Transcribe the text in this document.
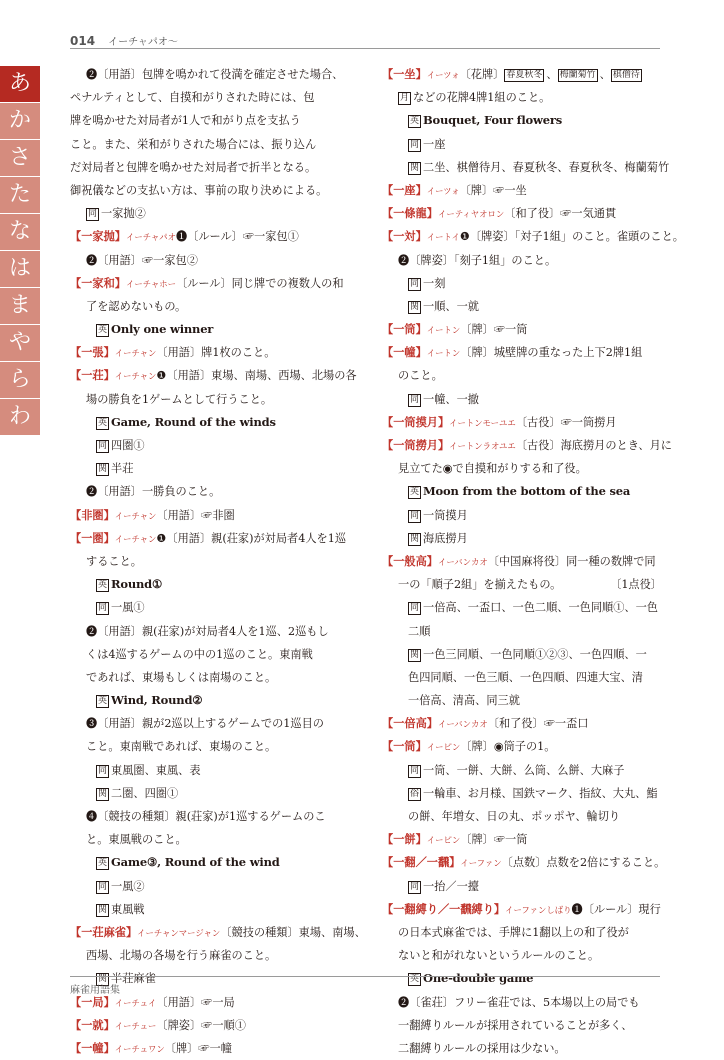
014 イーチャパオ〜
あ
か
さ
た
な
は
ま
や
ら
わ
❷〔用語〕包牌を鳴かれて役満を確定させた場合、
ペナルティとして、自摸和がりされた時には、包
牌を鳴かせた対局者が1人で和がり点を支払う
こと。また、栄和がりされた場合には、振り込ん
だ対局者と包牌を鳴かせた対局者で折半となる。
御祝儀などの支払い方は、事前の取り決めによる。
同 一家抛②
【一家抛】イーチャパオ❶〔ルール〕☞一家包①
❷〔用語〕☞一家包②
【一家和】イーチャホー〔ルール〕同じ牌での複数人の和
了を認めないもの。
英 Only one winner
【一張】イーチャン〔用語〕牌1枚のこと。
【一荘】イーチャン❶〔用語〕東場、南場、西場、北場の各
場の勝負を1ゲームとして行うこと。
英 Game, Round of the winds
同 四圏①
関 半荘
❷〔用語〕一勝負のこと。
【非圏】イーチャン〔用語〕☞非圏
【一圏】イーチャン❶〔用語〕親(荘家)が対局者4人を1巡
すること。
英 Round①
同 一風①
❷〔用語〕親(荘家)が対局者4人を1巡、2巡もし
くは4巡するゲームの中の1巡のこと。東南戦
であれば、東場もしくは南場のこと。
英 Wind, Round②
❸〔用語〕親が2巡以上するゲームでの1巡目の
こと。東南戦であれば、東場のこと。
同 東風圏、東風、表
関 二圏、四圏①
❹〔競技の種類〕親(荘家)が1巡するゲームのこ
と。東風戦のこと。
英 Game③, Round of the wind
同 一風②
関 東風戦
【一荘麻雀】イーチャンマージャン〔競技の種類〕東場、南場、
西場、北場の各場を行う麻雀のこと。
関 半荘麻雀
【一局】イーチュイ〔用語〕☞一局
【一就】イーチュー〔牌姿〕☞一順①
【一幢】イーチュワン〔牌〕☞一幢
【一坐】イーツォ〔花牌〕 春夏秋冬 、 梅蘭菊竹 、 棋僧待
月 などの花牌4牌1組のこと。
英 Bouquet, Four flowers
同 一座
関 二坐、棋僧待月、春夏秋冬、春夏秋冬、梅蘭菊竹
【一座】イーツォ〔牌〕☞一坐
【一條龍】イーティヤオロン〔和了役〕☞一気通貫
【一対】イートイ❶〔牌姿〕「対子1組」のこと。雀頭のこと。
❷〔牌姿〕「刻子1組」のこと。
同 一刻
関 一順、一就
【一筒】イートン〔牌〕☞一筒
【一幢】イートン〔牌〕城壁牌の重なった上下2牌1組
のこと。
同 一幢、一撤
【一筒摸月】イートンモーユエ〔古役〕☞一筒撈月
【一筒撈月】イートンラオユエ〔古役〕海底撈月のとき、月に
見立てた◉で自摸和がりする和了役。
英 Moon from the bottom of the sea
同 一筒摸月
関 海底撈月
【一般高】イーバンカオ〔中国麻将役〕同一種の数牌で同
〔1点役〕
一の「順子2組」を揃えたもの。
同 一倍高、一盃口、一色二順、一色同順①、一色
二順
関 一色三同順、一色同順①②③、一色四順、一
色四同順、一色三順、一色四順、四連大宝、清
一倍高、清高、同三就
【一倍高】イーバンカオ〔和了役〕☞一盃口
【一筒】イーピン〔牌〕◉筒子の1。
同 一筒、一餅、大餅、么筒、么餅、大麻子
俗 一輪車、お月様、国鉄マーク、指紋、大丸、鮨
の餅、年増女、日の丸、ポッポヤ、輪切り
【一餅】イーピン〔牌〕☞一筒
【一翻／一飜】イーファン〔点数〕点数を2倍にすること。
同 一抬／一擡
【一翻縛り／一飜縛り】イーファンしばり❶〔ルール〕現行
の日本式麻雀では、手牌に1翻以上の和了役が
ないと和がれないというルールのこと。
英 One-double game
❷〔雀荘〕フリー雀荘では、5本場以上の局でも
一翻縛りルールが採用されていることが多く、
二翻縛りルールの採用は少ない。
麻雀用語集
